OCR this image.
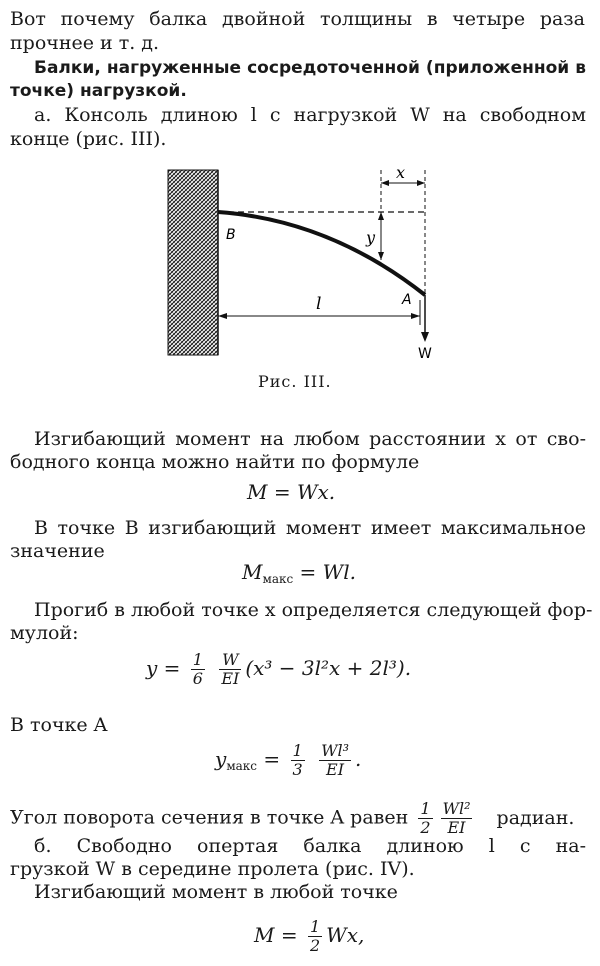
Вот почему балка двойной толщины в четыре раза
прочнее и т. д.
Балки, нагруженные сосредоточенной (приложенной в
точке) нагрузкой.
а. Консоль длиною l с нагрузкой W на свободном
конце (рис. III).
x
y
l
B
A
W
Рис. III.
Изгибающий момент на любом расстоянии x от сво-
бодного конца можно найти по формуле
M = Wx.
В точке B изгибающий момент имеет максимальное
значение
$M_{макс} = Wl$.
Прогиб в любой точке x определяется следующей фор-
мулой:
$y = \frac{1}{6}$
$\frac{W}{EI} (x^3 - 3l^2x + 2l^3)$.
В точке A
$y_{макс} = \frac{1}{3}$
$\frac{\text{Wl³}}{EI}$ .
Угол поворота сечения в точке A равен $\frac{1}{2} \frac{\text{Wl²}}{EI}$ радиан.
б. Свободно опертая балка длиною l с на-
грузкой W в середине пролета (рис. IV).
Изгибающий момент в любой точке
$M = \frac{1}{2} Wx$,
